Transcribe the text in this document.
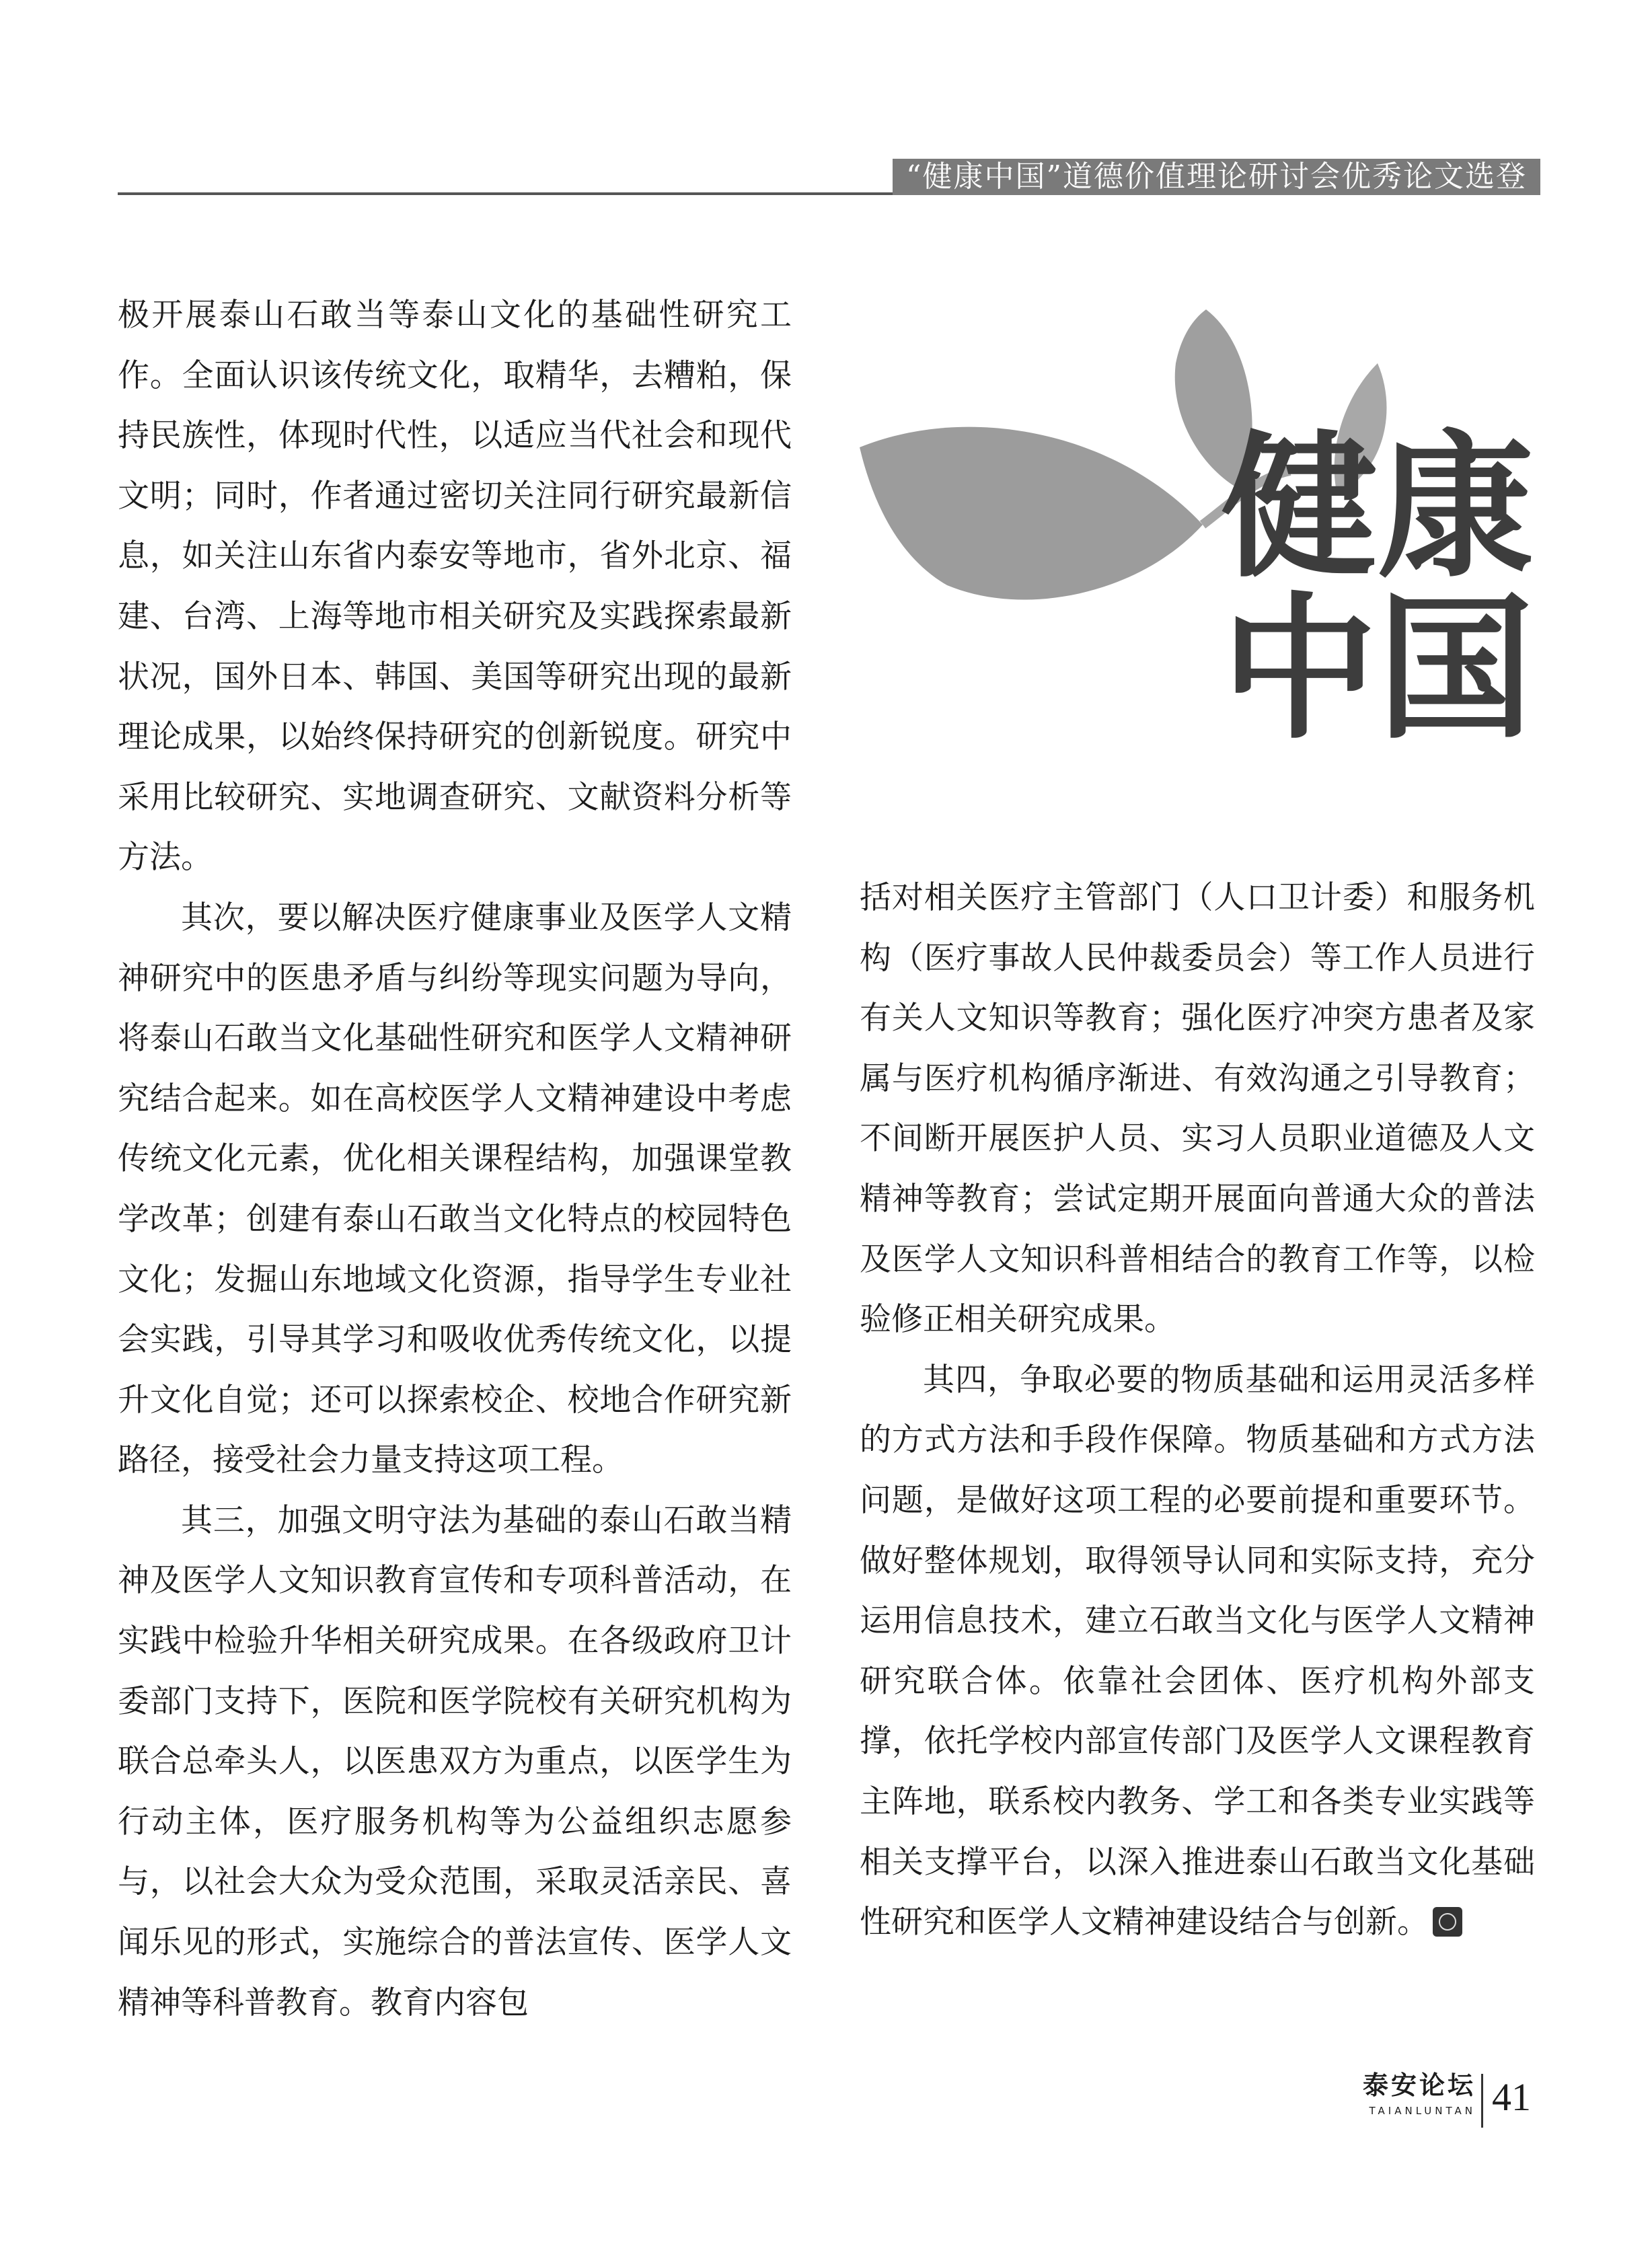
“健康中国”道德价值理论研讨会优秀论文选登

极开展泰山石敢当等泰山文化的基础性研究工作。全面认识该传统文化，取精华，去糟粕，保持民族性，体现时代性，以适应当代社会和现代文明；同时，作者通过密切关注同行研究最新信息，如关注山东省内泰安等地市，省外北京、福建、台湾、上海等地市相关研究及实践探索最新状况，国外日本、韩国、美国等研究出现的最新理论成果，以始终保持研究的创新锐度。研究中采用比较研究、实地调查研究、文献资料分析等方法。

其次，要以解决医疗健康事业及医学人文精神研究中的医患矛盾与纠纷等现实问题为导向，将泰山石敢当文化基础性研究和医学人文精神研究结合起来。如在高校医学人文精神建设中考虑传统文化元素，优化相关课程结构，加强课堂教学改革；创建有泰山石敢当文化特点的校园特色文化；发掘山东地域文化资源，指导学生专业社会实践，引导其学习和吸收优秀传统文化，以提升文化自觉；还可以探索校企、校地合作研究新路径，接受社会力量支持这项工程。

其三，加强文明守法为基础的泰山石敢当精神及医学人文知识教育宣传和专项科普活动，在实践中检验升华相关研究成果。在各级政府卫计委部门支持下，医院和医学院校有关研究机构为联合总牵头人，以医患双方为重点，以医学生为行动主体，医疗服务机构等为公益组织志愿参与，以社会大众为受众范围，采取灵活亲民、喜闻乐见的形式，实施综合的普法宣传、医学人文精神等科普教育。教育内容包

健康
中国

括对相关医疗主管部门（人口卫计委）和服务机构（医疗事故人民仲裁委员会）等工作人员进行有关人文知识等教育；强化医疗冲突方患者及家属与医疗机构循序渐进、有效沟通之引导教育；不间断开展医护人员、实习人员职业道德及人文精神等教育；尝试定期开展面向普通大众的普法及医学人文知识科普相结合的教育工作等，以检验修正相关研究成果。

其四，争取必要的物质基础和运用灵活多样的方式方法和手段作保障。物质基础和方式方法问题，是做好这项工程的必要前提和重要环节。做好整体规划，取得领导认同和实际支持，充分运用信息技术，建立石敢当文化与医学人文精神研究联合体。依靠社会团体、医疗机构外部支撑，依托学校内部宣传部门及医学人文课程教育主阵地，联系校内教务、学工和各类专业实践等相关支撑平台，以深入推进泰山石敢当文化基础性研究和医学人文精神建设结合与创新。

泰安论坛
TAIANLUNTAN 41
